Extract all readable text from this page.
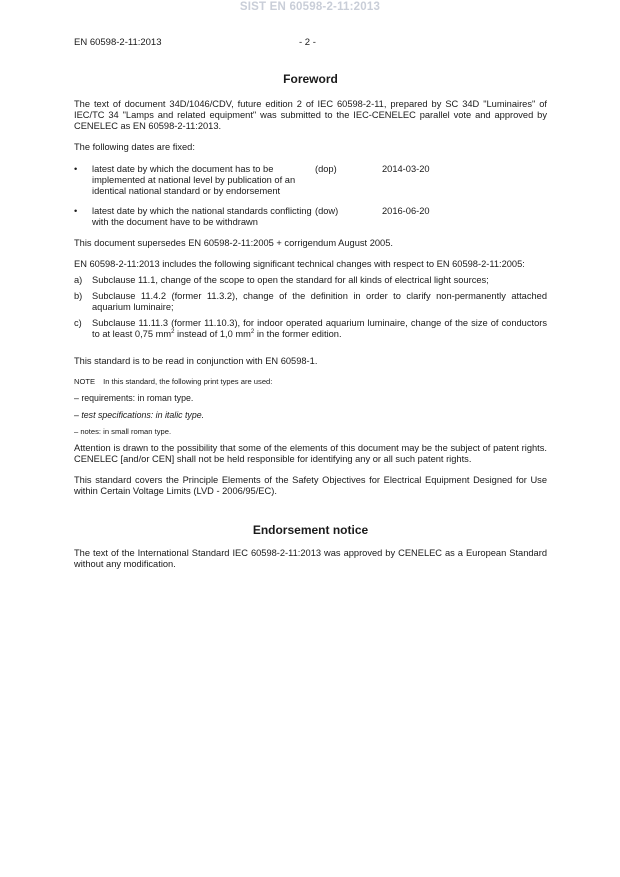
SIST EN 60598-2-11:2013
EN 60598-2-11:2013	- 2 -
Foreword

The text of document 34D/1046/CDV, future edition 2 of IEC 60598-2-11, prepared by SC 34D "Luminaires" of IEC/TC 34 "Lamps and related equipment" was submitted to the IEC-CENELEC parallel vote and approved by CENELEC as EN 60598-2-11:2013.

The following dates are fixed:

•	latest date by which the document has to be implemented at national level by publication of an identical national standard or by endorsement
(dop)	2014-03-20
•	latest date by which the national standards conflicting with the document have to be withdrawn
(dow)	2016-06-20

This document supersedes EN 60598-2-11:2005 + corrigendum August 2005.

EN 60598-2-11:2013 includes the following significant technical changes with respect to EN 60598-2-11:2005:

a)	Subclause 11.1, change of the scope to open the standard for all kinds of electrical light sources;
b)	Subclause 11.4.2 (former 11.3.2), change of the definition in order to clarify non-permanently attached aquarium luminaire;
c)	Subclause 11.11.3 (former 11.10.3), for indoor operated aquarium luminaire, change of the size of conductors to at least 0,75 $mm^2$ instead of 1,0 $mm^2$ in the former edition.

This standard is to be read in conjunction with EN 60598-1.

NOTE In this standard, the following print types are used:

– requirements: in roman type.

– test specifications: in italic type.

– notes: in small roman type.

Attention is drawn to the possibility that some of the elements of this document may be the subject of patent rights. CENELEC [and/or CEN] shall not be held responsible for identifying any or all such patent rights.

This standard covers the Principle Elements of the Safety Objectives for Electrical Equipment Designed for Use within Certain Voltage Limits (LVD - 2006/95/EC).

Endorsement notice

The text of the International Standard IEC 60598-2-11:2013 was approved by CENELEC as a European Standard without any modification.
